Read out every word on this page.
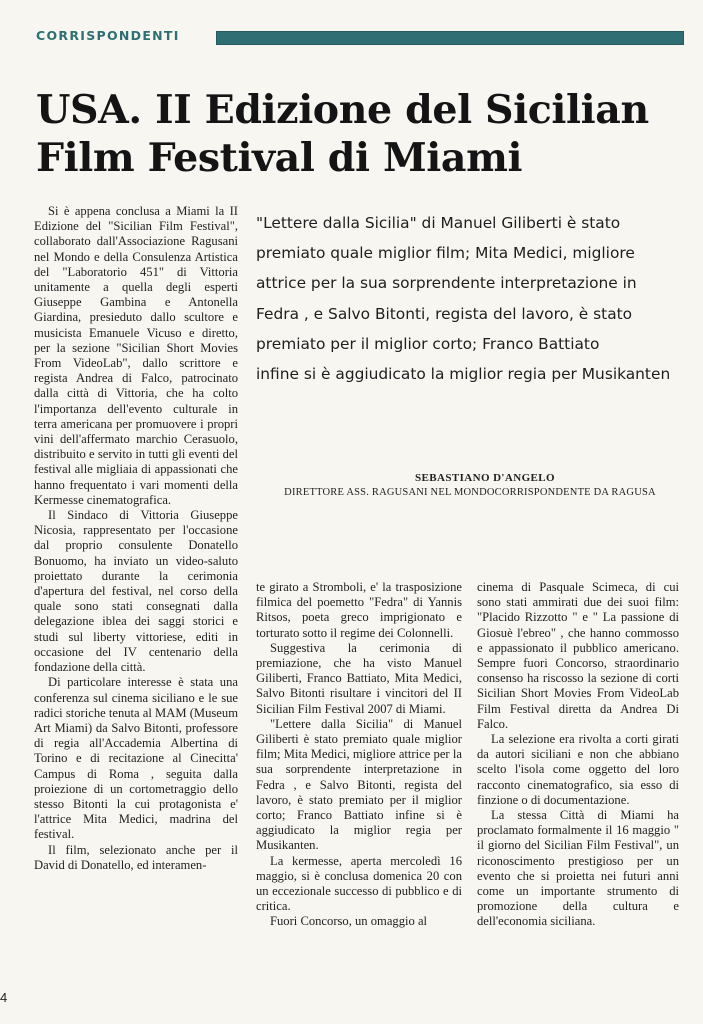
CORRISPONDENTI
USA. II Edizione del Sicilian Film Festival di Miami

Si è appena conclusa a Miami la II Edizione del "Sicilian Film Festival", collaborato dall'Associazione Ragusani nel Mondo e della Consulenza Artistica del "Laboratorio 451" di Vittoria unitamente a quella degli esperti Giuseppe Gambina e Antonella Giardina, presieduto dallo scultore e musicista Emanuele Vicuso e diretto, per la sezione "Sicilian Short Movies From VideoLab", dallo scrittore e regista Andrea di Falco, patrocinato dalla città di Vittoria, che ha colto l'importanza dell'evento culturale in terra americana per promuovere i propri vini dell'affermato marchio Cerasuolo, distribuito e servito in tutti gli eventi del festival alle migliaia di appassionati che hanno frequentato i vari momenti della Kermesse cinematografica.

Il Sindaco di Vittoria Giuseppe Nicosia, rappresentato per l'occasione dal proprio consulente Donatello Bonuomo, ha inviato un video-saluto proiettato durante la cerimonia d'apertura del festival, nel corso della quale sono stati consegnati dalla delegazione iblea dei saggi storici e studi sul liberty vittoriese, editi in occasione del IV centenario della fondazione della città.

Di particolare interesse è stata una conferenza sul cinema siciliano e le sue radici storiche tenuta al MAM (Museum Art Miami) da Salvo Bitonti, professore di regia all'Accademia Albertina di Torino e di recitazione al Cinecitta' Campus di Roma , seguita dalla proiezione di un cortometraggio dello stesso Bitonti la cui protagonista e' l'attrice Mita Medici, madrina del festival.

Il film, selezionato anche per il David di Donatello, ed interamen-

"Lettere dalla Sicilia" di Manuel Giliberti è stato
premiato quale miglior film; Mita Medici, migliore
attrice per la sua sorprendente interpretazione in
Fedra , e Salvo Bitonti, regista del lavoro, è stato
premiato per il miglior corto; Franco Battiato
infine si è aggiudicato la miglior regia per Musikanten
SEBASTIANO D'ANGELO
DIRETTORE ASS. RAGUSANI NEL MONDOCORRISPONDENTE DA RAGUSA

te girato a Stromboli, e' la trasposizione filmica del poemetto "Fedra" di Yannis Ritsos, poeta greco imprigionato e torturato sotto il regime dei Colonnelli.

Suggestiva la cerimonia di premiazione, che ha visto Manuel Giliberti, Franco Battiato, Mita Medici, Salvo Bitonti risultare i vincitori del II Sicilian Film Festival 2007 di Miami.

"Lettere dalla Sicilia" di Manuel Giliberti è stato premiato quale miglior film; Mita Medici, migliore attrice per la sua sorprendente interpretazione in Fedra , e Salvo Bitonti, regista del lavoro, è stato premiato per il miglior corto; Franco Battiato infine si è aggiudicato la miglior regia per Musikanten.

La kermesse, aperta mercoledì 16 maggio, si è conclusa domenica 20 con un eccezionale successo di pubblico e di critica.

Fuori Concorso, un omaggio al

cinema di Pasquale Scimeca, di cui sono stati ammirati due dei suoi film: "Placido Rizzotto " e " La passione di Giosuè l'ebreo" , che hanno commosso e appassionato il pubblico americano. Sempre fuori Concorso, straordinario consenso ha riscosso la sezione di corti Sicilian Short Movies From VideoLab Film Festival diretta da Andrea Di Falco.

La selezione era rivolta a corti girati da autori siciliani e non che abbiano scelto l'isola come oggetto del loro racconto cinematografico, sia esso di finzione o di documentazione.

La stessa Città di Miami ha proclamato formalmente il 16 maggio " il giorno del Sicilian Film Festival", un riconoscimento prestigioso per un evento che si proietta nei futuri anni come un importante strumento di promozione della cultura e dell'economia siciliana.

4
